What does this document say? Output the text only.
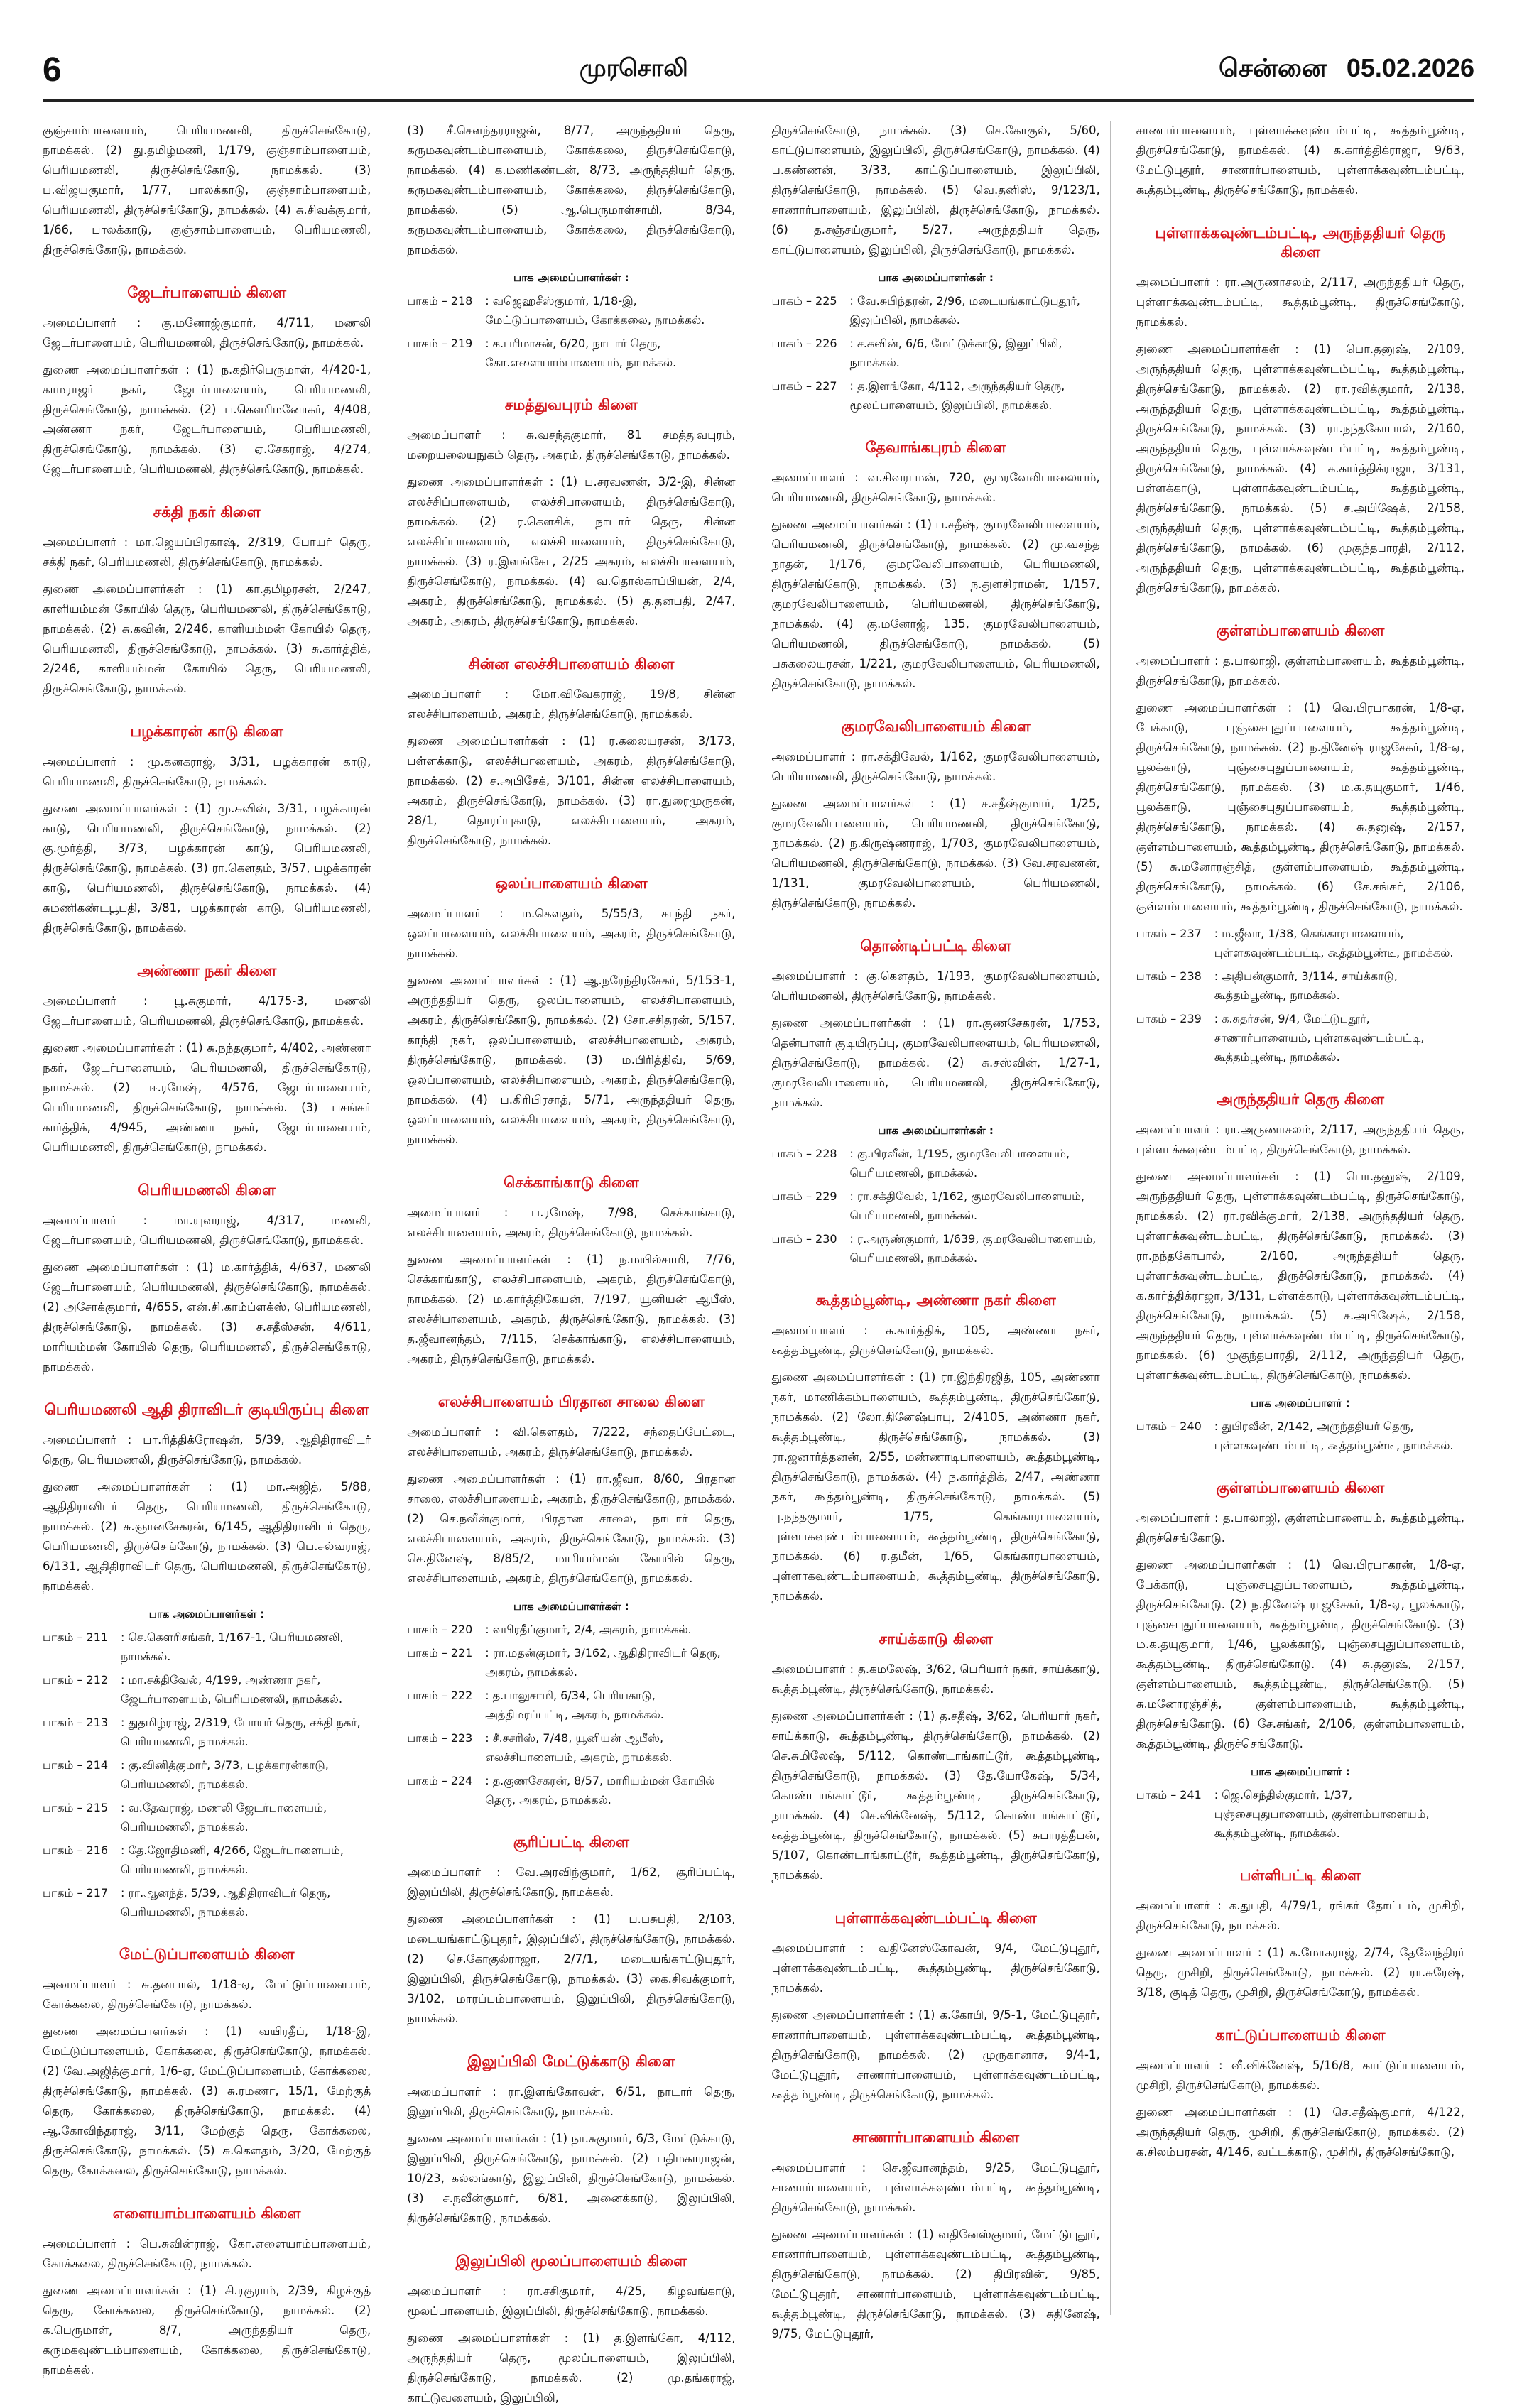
6	முரசொலி	சென்னை 05.02.2026

குஞ்சாம்பாளையம், பெரியமணலி, திருச்செங்கோடு, நாமக்கல். (2) து.தமிழ்மணி, 1/179, குஞ்சாம்பாளையம், பெரியமணலி, திருச்செங்கோடு, நாமக்கல். (3) ப.விஜயகுமார், 1/77, பாலக்காடு, குஞ்சாம்பாளையம், பெரியமணலி, திருச்செங்கோடு, நாமக்கல். (4) சு.சிவக்குமார், 1/66, பாலக்காடு, குஞ்சாம்பாளையம், பெரியமணலி, திருச்செங்கோடு, நாமக்கல்.

ஜேடர்பாளையம் கிளை

அமைப்பாளர் : கு.மனோஜ்குமார், 4/711, மணலி ஜேடர்பாளையம், பெரியமணலி, திருச்செங்கோடு, நாமக்கல்.

துணை அமைப்பாளர்கள் : (1) ந.கதிர்பெருமாள், 4/420-1, காமராஜர் நகர், ஜேடர்பாளையம், பெரியமணலி, திருச்செங்கோடு, நாமக்கல். (2) ப.கௌரிமனோகர், 4/408, அண்ணா நகர், ஜேடர்பாளையம், பெரியமணலி, திருச்செங்கோடு, நாமக்கல். (3) ஏ.சேகராஜ், 4/274, ஜேடர்பாளையம், பெரியமணலி, திருச்செங்கோடு, நாமக்கல்.

சக்தி நகர் கிளை

அமைப்பாளர் : மா.ஜெயப்பிரகாஷ், 2/319, போயர் தெரு, சக்தி நகர், பெரியமணலி, திருச்செங்கோடு, நாமக்கல்.

துணை அமைப்பாளர்கள் : (1) கா.தமிழரசன், 2/247, காளியம்மன் கோயில் தெரு, பெரியமணலி, திருச்செங்கோடு, நாமக்கல். (2) சு.கவின், 2/246, காளியம்மன் கோயில் தெரு, பெரியமணலி, திருச்செங்கோடு, நாமக்கல். (3) சு.கார்த்திக், 2/246, காளியம்மன் கோயில் தெரு, பெரியமணலி, திருச்செங்கோடு, நாமக்கல்.

பழக்காரன் காடு கிளை

அமைப்பாளர் : மு.கனகராஜ், 3/31, பழக்காரன் காடு, பெரியமணலி, திருச்செங்கோடு, நாமக்கல்.

துணை அமைப்பாளர்கள் : (1) மு.சுவின், 3/31, பழக்காரன் காடு, பெரியமணலி, திருச்செங்கோடு, நாமக்கல். (2) கு.மூர்த்தி, 3/73, பழக்காரன் காடு, பெரியமணலி, திருச்செங்கோடு, நாமக்கல். (3) ரா.கௌதம், 3/57, பழக்காரன் காடு, பெரியமணலி, திருச்செங்கோடு, நாமக்கல். (4) சுமணிகண்டபூபதி, 3/81, பழக்காரன் காடு, பெரியமணலி, திருச்செங்கோடு, நாமக்கல்.

அண்ணா நகர் கிளை

அமைப்பாளர் : பூ.சுகுமார், 4/175-3, மணலி ஜேடர்பாளையம், பெரியமணலி, திருச்செங்கோடு, நாமக்கல்.

துணை அமைப்பாளர்கள் : (1) சு.நந்தகுமார், 4/402, அண்ணா நகர், ஜேடர்பாளையம், பெரியமணலி, திருச்செங்கோடு, நாமக்கல். (2) ஈ.ரமேஷ், 4/576, ஜேடர்பாளையம், பெரியமணலி, திருச்செங்கோடு, நாமக்கல். (3) பசங்கர் கார்த்திக், 4/945, அண்ணா நகர், ஜேடர்பாளையம், பெரியமணலி, திருச்செங்கோடு, நாமக்கல்.

பெரியமணலி கிளை

அமைப்பாளர் : மா.யுவராஜ், 4/317, மணலி, ஜேடர்பாளையம், பெரியமணலி, திருச்செங்கோடு, நாமக்கல்.

துணை அமைப்பாளர்கள் : (1) ம.கார்த்திக், 4/637, மணலி ஜேடர்பாளையம், பெரியமணலி, திருச்செங்கோடு, நாமக்கல். (2) அசோக்குமார், 4/655, என்.சி.காம்ப்ளக்ஸ், பெரியமணலி, திருச்செங்கோடு, நாமக்கல். (3) ச.சதீஸ்சன், 4/611, மாரியம்மன் கோயில் தெரு, பெரியமணலி, திருச்செங்கோடு, நாமக்கல்.

பெரியமணலி ஆதி திராவிடர் குடியிருப்பு கிளை

அமைப்பாளர் : பா.ரித்திக்ரோஷன், 5/39, ஆதிதிராவிடர் தெரு, பெரியமணலி, திருச்செங்கோடு, நாமக்கல்.

துணை அமைப்பாளர்கள் : (1) மா.அஜித், 5/88, ஆதிதிராவிடர் தெரு, பெரியமணலி, திருச்செங்கோடு, நாமக்கல். (2) சு.ஞானசேகரன், 6/145, ஆதிதிராவிடர் தெரு, பெரியமணலி, திருச்செங்கோடு, நாமக்கல். (3) பெ.சல்வராஜ், 6/131, ஆதிதிராவிடர் தெரு, பெரியமணலி, திருச்செங்கோடு, நாமக்கல்.

பாக அமைப்பாளர்கள் :
பாகம் – 211	: செ.கௌரிசங்கர், 1/167-1, பெரியமணலி, நாமக்கல்.
பாகம் – 212	: மா.சக்திவேல், 4/199, அண்ணா நகர், ஜேடர்பாளையம், பெரியமணலி, நாமக்கல்.
பாகம் – 213	: துதமிழ்ராஜ், 2/319, போயர் தெரு, சக்தி நகர், பெரியமணலி, நாமக்கல்.
பாகம் – 214	: கு.வினித்குமார், 3/73, பழக்காரன்காடு, பெரியமணலி, நாமக்கல்.
பாகம் – 215	: வ.தேவராஜ், மணலி ஜேடர்பாளையம், பெரியமணலி, நாமக்கல்.
பாகம் – 216	: தே.ஜோதிமணி, 4/266, ஜேடர்பாளையம், பெரியமணலி, நாமக்கல்.
பாகம் – 217	: ரா.ஆனந்த், 5/39, ஆதிதிராவிடர் தெரு, பெரியமணலி, நாமக்கல்.
மேட்டுப்பாளையம் கிளை

அமைப்பாளர் : சு.தனபால், 1/18-ஏ, மேட்டுப்பாளையம், கோக்கலை, திருச்செங்கோடு, நாமக்கல்.

துணை அமைப்பாளர்கள் : (1) வயிரதீப், 1/18-இ, மேட்டுப்பாளையம், கோக்கலை, திருச்செங்கோடு, நாமக்கல். (2) வே.அஜித்குமார், 1/6-ஏ, மேட்டுப்பாளையம், கோக்கலை, திருச்செங்கோடு, நாமக்கல். (3) சு.ரமணா, 15/1, மேற்குத் தெரு, கோக்கலை, திருச்செங்கோடு, நாமக்கல். (4) ஆ.கோவிந்தராஜ், 3/11, மேற்குத் தெரு, கோக்கலை, திருச்செங்கோடு, நாமக்கல். (5) சு.கௌதம், 3/20, மேற்குத் தெரு, கோக்கலை, திருச்செங்கோடு, நாமக்கல்.

எளையாம்பாளையம் கிளை

அமைப்பாளர் : பெ.சுவின்ராஜ், கோ.எளையாம்பாளையம், கோக்கலை, திருச்செங்கோடு, நாமக்கல்.

துணை அமைப்பாளர்கள் : (1) சி.ரகுராம், 2/39, கிழக்குத் தெரு, கோக்கலை, திருச்செங்கோடு, நாமக்கல். (2) க.பெருமாள், 8/7, அருந்ததியர் தெரு, கருமகவுண்டம்பாளையம், கோக்கலை, திருச்செங்கோடு, நாமக்கல்.

(3) சீ.செளந்தரராஜன், 8/77, அருந்ததியர் தெரு, கருமகவுண்டம்பாளையம், கோக்கலை, திருச்செங்கோடு, நாமக்கல். (4) க.மணிகண்டன், 8/73, அருந்ததியர் தெரு, கருமகவுண்டம்பாளையம், கோக்கலை, திருச்செங்கோடு, நாமக்கல். (5) ஆ.பெருமாள்சாமி, 8/34, கருமகவுண்டம்பாளையம், கோக்கலை, திருச்செங்கோடு, நாமக்கல்.

பாக அமைப்பாளர்கள் :
பாகம் – 218	: வஜெஹசீஸ்குமார், 1/18-இ, மேட்டுப்பாளையம், கோக்கலை, நாமக்கல்.
பாகம் – 219	: க.பரிமாசன், 6/20, நாடார் தெரு, கோ.எளையாம்பாளையம், நாமக்கல்.
சமத்துவபுரம் கிளை

அமைப்பாளர் : சு.வசந்தகுமார், 81 சமத்துவபுரம், மறையலையநுகம் தெரு, அகரம், திருச்செங்கோடு, நாமக்கல்.

துணை அமைப்பாளர்கள் : (1) ப.சரவணன், 3/2-இ, சின்ன எலச்சிப்பாளையம், எலச்சிபாளையம், திருச்செங்கோடு, நாமக்கல். (2) ர.கௌசிக், நாடார் தெரு, சின்ன எலச்சிப்பாளையம், எலச்சிபாளையம், திருச்செங்கோடு, நாமக்கல். (3) ர.இளங்கோ, 2/25 அகரம், எலச்சிபாளையம், திருச்செங்கோடு, நாமக்கல். (4) வ.தொல்காப்பியன், 2/4, அகரம், திருச்செங்கோடு, நாமக்கல். (5) த.தனபதி, 2/47, அகரம், அகரம், திருச்செங்கோடு, நாமக்கல்.

சின்ன எலச்சிபாளையம் கிளை

அமைப்பாளர் : மோ.விவேகராஜ், 19/8, சின்ன எலச்சிபாளையம், அகரம், திருச்செங்கோடு, நாமக்கல்.

துணை அமைப்பாளர்கள் : (1) ர.கலையரசன், 3/173, பள்ளக்காடு, எலச்சிபாளையம், அகரம், திருச்செங்கோடு, நாமக்கல். (2) ச.அபிசேக், 3/101, சின்ன எலச்சிபாளையம், அகரம், திருச்செங்கோடு, நாமக்கல். (3) ரா.துரைமுருகன், 28/1, தொரப்புகாடு, எலச்சிபாளையம், அகரம், திருச்செங்கோடு, நாமக்கல்.

ஒலப்பாளையம் கிளை

அமைப்பாளர் : ம.கௌதம், 5/55/3, காந்தி நகர், ஒலப்பாளையம், எலச்சிபாளையம், அகரம், திருச்செங்கோடு, நாமக்கல்.

துணை அமைப்பாளர்கள் : (1) ஆ.நரேந்திரசேகர், 5/153-1, அருந்ததியர் தெரு, ஒலப்பாளையம், எலச்சிபாளையம், அகரம், திருச்செங்கோடு, நாமக்கல். (2) சோ.சசிதரன், 5/157, காந்தி நகர், ஒலப்பாளையம், எலச்சிபாளையம், அகரம், திருச்செங்கோடு, நாமக்கல். (3) ம.பிரித்திவ், 5/69, ஒலப்பாளையம், எலச்சிபாளையம், அகரம், திருச்செங்கோடு, நாமக்கல். (4) ப.கிரிபிரசாத், 5/71, அருந்ததியர் தெரு, ஒலப்பாளையம், எலச்சிபாளையம், அகரம், திருச்செங்கோடு, நாமக்கல்.

செக்காங்காடு கிளை

அமைப்பாளர் : ப.ரமேஷ், 7/98, செக்காங்காடு, எலச்சிபாளையம், அகரம், திருச்செங்கோடு, நாமக்கல்.

துணை அமைப்பாளர்கள் : (1) ந.மயில்சாமி, 7/76, செக்காங்காடு, எலச்சிபாளையம், அகரம், திருச்செங்கோடு, நாமக்கல். (2) ம.கார்த்திகேயன், 7/197, யூனியன் ஆபீஸ், எலச்சிபாளையம், அகரம், திருச்செங்கோடு, நாமக்கல். (3) த.ஜீவானந்தம், 7/115, செக்காங்காடு, எலச்சிபாளையம், அகரம், திருச்செங்கோடு, நாமக்கல்.

எலச்சிபாளையம் பிரதான சாலை கிளை

அமைப்பாளர் : வி.கௌதம், 7/222, சந்தைப்பேட்டை, எலச்சிபாளையம், அகரம், திருச்செங்கோடு, நாமக்கல்.

துணை அமைப்பாளர்கள் : (1) ரா.ஜீவா, 8/60, பிரதான சாலை, எலச்சிபாளையம், அகரம், திருச்செங்கோடு, நாமக்கல். (2) செ.நவீன்குமார், பிரதான சாலை, நாடார் தெரு, எலச்சிபாளையம், அகரம், திருச்செங்கோடு, நாமக்கல். (3) செ.தினேஷ், 8/85/2, மாரியம்மன் கோயில் தெரு, எலச்சிபாளையம், அகரம், திருச்செங்கோடு, நாமக்கல்.

பாக அமைப்பாளர்கள் :
பாகம் – 220	: வபிரதீப்குமார், 2/4, அகரம், நாமக்கல்.
பாகம் – 221	: ரா.மதன்குமார், 3/162, ஆதிதிராவிடர் தெரு, அகரம், நாமக்கல்.
பாகம் – 222	: த.பாலுசாமி, 6/34, பெரியகாடு, அத்திமரப்பட்டி, அகரம், நாமக்கல்.
பாகம் – 223	: சீ.சசரிஸ், 7/48, யூனியன் ஆபீஸ், எலச்சிபாளையம், அகரம், நாமக்கல்.
பாகம் – 224	: த.குணசேகரன், 8/57, மாரியம்மன் கோயில் தெரு, அகரம், நாமக்கல்.
சூரிப்பட்டி கிளை

அமைப்பாளர் : வே.அரவிந்குமார், 1/62, சூரிப்பட்டி, இலுப்பிலி, திருச்செங்கோடு, நாமக்கல்.

துணை அமைப்பாளர்கள் : (1) ப.பசுபதி, 2/103, மடையங்காட்டுபுதூர், இலுப்பிலி, திருச்செங்கோடு, நாமக்கல். (2) செ.கோகுல்ராஜா, 2/7/1, மடையங்காட்டுபுதூர், இலுப்பிலி, திருச்செங்கோடு, நாமக்கல். (3) கை.சிவக்குமார், 3/102, மாரப்பம்பாளையம், இலுப்பிலி, திருச்செங்கோடு, நாமக்கல்.

இலுப்பிலி மேட்டுக்காடு கிளை

அமைப்பாளர் : ரா.இளங்கோவன், 6/51, நாடார் தெரு, இலுப்பிலி, திருச்செங்கோடு, நாமக்கல்.

துணை அமைப்பாளர்கள் : (1) நா.சுகுமார், 6/3, மேட்டுக்காடு, இலுப்பிலி, திருச்செங்கோடு, நாமக்கல். (2) பதிமகாராஜன், 10/23, கல்லங்காடு, இலுப்பிலி, திருச்செங்கோடு, நாமக்கல். (3) ச.நவீன்குமார், 6/81, அனைக்காடு, இலுப்பிலி, திருச்செங்கோடு, நாமக்கல்.

இலுப்பிலி மூலப்பாளையம் கிளை

அமைப்பாளர் : ரா.சசிகுமார், 4/25, கிழவங்காடு, மூலப்பாளையம், இலுப்பிலி, திருச்செங்கோடு, நாமக்கல்.

துணை அமைப்பாளர்கள் : (1) த.இளங்கோ, 4/112, அருந்ததியர் தெரு, மூலப்பாளையம், இலுப்பிலி, திருச்செங்கோடு, நாமக்கல். (2) மு.தங்கராஜ், காட்டுவளையம், இலுப்பிலி,

திருச்செங்கோடு, நாமக்கல். (3) செ.கோகுல், 5/60, காட்டுபாளையம், இலுப்பிலி, திருச்செங்கோடு, நாமக்கல். (4) ப.கண்ணன், 3/33, காட்டுப்பாளையம், இலுப்பிலி, திருச்செங்கோடு, நாமக்கல். (5) வெ.தனிஸ், 9/123/1, சாணார்பாளையம், இலுப்பிலி, திருச்செங்கோடு, நாமக்கல். (6) த.சஞ்சய்குமார், 5/27, அருந்ததியர் தெரு, காட்டுபாளையம், இலுப்பிலி, திருச்செங்கோடு, நாமக்கல்.

பாக அமைப்பாளர்கள் :
பாகம் – 225	: வே.சுபிந்தரன், 2/96, மடையங்காட்டுபுதூர், இலுப்பிலி, நாமக்கல்.
பாகம் – 226	: ச.கவின், 6/6, மேட்டுக்காடு, இலுப்பிலி, நாமக்கல்.
பாகம் – 227	: த.இளங்கோ, 4/112, அருந்ததியர் தெரு, மூலப்பாளையம், இலுப்பிலி, நாமக்கல்.
தேவாங்கபுரம் கிளை

அமைப்பாளர் : வ.சிவராமன், 720, குமரவேலிபாலையம், பெரியமணலி, திருச்செங்கோடு, நாமக்கல்.

துணை அமைப்பாளர்கள் : (1) ப.சதீஷ், குமரவேலிபாளையம், பெரியமணலி, திருச்செங்கோடு, நாமக்கல். (2) மு.வசந்த நாதன், 1/176, குமரவேலிபாளையம், பெரியமணலி, திருச்செங்கோடு, நாமக்கல். (3) ந.துளசிராமன், 1/157, குமரவேலிபாளையம், பெரியமணலி, திருச்செங்கோடு, நாமக்கல். (4) கு.மனோஜ், 135, குமரவேலிபாளையம், பெரியமணலி, திருச்செங்கோடு, நாமக்கல். (5) பசுகலையரசன், 1/221, குமரவேலிபாளையம், பெரியமணலி, திருச்செங்கோடு, நாமக்கல்.

குமரவேலிபாளையம் கிளை

அமைப்பாளர் : ரா.சக்திவேல், 1/162, குமரவேலிபாளையம், பெரியமணலி, திருச்செங்கோடு, நாமக்கல்.

துணை அமைப்பாளர்கள் : (1) ச.சதீஷ்குமார், 1/25, குமரவேலிபாளையம், பெரியமணலி, திருச்செங்கோடு, நாமக்கல். (2) ந.கிருஷ்ணராஜ், 1/703, குமரவேலிபாளையம், பெரியமணலி, திருச்செங்கோடு, நாமக்கல். (3) வே.சரவணன், 1/131, குமரவேலிபாளையம், பெரியமணலி, திருச்செங்கோடு, நாமக்கல்.

தொண்டிப்பட்டி கிளை

அமைப்பாளர் : கு.கௌதம், 1/193, குமரவேலிபாளையம், பெரியமணலி, திருச்செங்கோடு, நாமக்கல்.

துணை அமைப்பாளர்கள் : (1) ரா.குணசேகரன், 1/753, தென்பாளர் குடியிருப்பு, குமரவேலிபாளையம், பெரியமணலி, திருச்செங்கோடு, நாமக்கல். (2) சு.சஸ்வின், 1/27-1, குமரவேலிபாளையம், பெரியமணலி, திருச்செங்கோடு, நாமக்கல்.

பாக அமைப்பாளர்கள் :
பாகம் – 228	: கு.பிரவீன், 1/195, குமரவேலிபாளையம், பெரியமணலி, நாமக்கல்.
பாகம் – 229	: ரா.சக்திவேல், 1/162, குமரவேலிபாளையம், பெரியமணலி, நாமக்கல்.
பாகம் – 230	: ர.அருண்குமார், 1/639, குமரவேலிபாளையம், பெரியமணலி, நாமக்கல்.
கூத்தம்பூண்டி, அண்ணா நகர் கிளை

அமைப்பாளர் : க.கார்த்திக், 105, அண்ணா நகர், கூத்தம்பூண்டி, திருச்செங்கோடு, நாமக்கல்.

துணை அமைப்பாளர்கள் : (1) ரா.இந்திரஜித், 105, அண்ணா நகர், மாணிக்கம்பாளையம், கூத்தம்பூண்டி, திருச்செங்கோடு, நாமக்கல். (2) லோ.தினேஷ்பாபு, 2/4105, அண்ணா நகர், கூத்தம்பூண்டி, திருச்செங்கோடு, நாமக்கல். (3) ரா.ஜனார்த்தனன், 2/55, மண்ணாடிபாளையம், கூத்தம்பூண்டி, திருச்செங்கோடு, நாமக்கல். (4) ந.கார்த்திக், 2/47, அண்ணா நகர், கூத்தம்பூண்டி, திருச்செங்கோடு, நாமக்கல். (5) பு.நந்தகுமார், 1/75, கெங்காரபாளையம், புள்ளாகவுண்டம்பாளையம், கூத்தம்பூண்டி, திருச்செங்கோடு, நாமக்கல். (6) ர.தமீன், 1/65, கெங்காரபாளையம், புள்ளாகவுண்டம்பாளையம், கூத்தம்பூண்டி, திருச்செங்கோடு, நாமக்கல்.

சாய்க்காடு கிளை

அமைப்பாளர் : த.கமலேஷ், 3/62, பெரியார் நகர், சாய்க்காடு, கூத்தம்பூண்டி, திருச்செங்கோடு, நாமக்கல்.

துணை அமைப்பாளர்கள் : (1) த.சதீஷ், 3/62, பெரியார் நகர், சாய்க்காடு, கூத்தம்பூண்டி, திருச்செங்கோடு, நாமக்கல். (2) செ.சுமிலேஷ், 5/112, கொண்டாங்காட்டூர், கூத்தம்பூண்டி, திருச்செங்கோடு, நாமக்கல். (3) தே.யோகேஷ், 5/34, கொண்டாங்காட்டூர், கூத்தம்பூண்டி, திருச்செங்கோடு, நாமக்கல். (4) செ.விக்னேஷ், 5/112, கொண்டாங்காட்டூர், கூத்தம்பூண்டி, திருச்செங்கோடு, நாமக்கல். (5) சுபாரத்தீபன், 5/107, கொண்டாங்காட்டூர், கூத்தம்பூண்டி, திருச்செங்கோடு, நாமக்கல்.

புள்ளாக்கவுண்டம்பட்டி கிளை

அமைப்பாளர் : வதினேஸ்கோவன், 9/4, மேட்டுபுதூர், புள்ளாக்கவுண்டம்பட்டி, கூத்தம்பூண்டி, திருச்செங்கோடு, நாமக்கல்.

துணை அமைப்பாளர்கள் : (1) க.கோபி, 9/5-1, மேட்டுபுதூர், சாணார்பாளையம், புள்ளாக்கவுண்டம்பட்டி, கூத்தம்பூண்டி, திருச்செங்கோடு, நாமக்கல். (2) முருகானாச, 9/4-1, மேட்டுபுதூர், சாணார்பாளையம், புள்ளாக்கவுண்டம்பட்டி, கூத்தம்பூண்டி, திருச்செங்கோடு, நாமக்கல்.

சாணார்பாளையம் கிளை

அமைப்பாளர் : செ.ஜீவானந்தம், 9/25, மேட்டுபுதூர், சாணார்பாளையம், புள்ளாக்கவுண்டம்பட்டி, கூத்தம்பூண்டி, திருச்செங்கோடு, நாமக்கல்.

துணை அமைப்பாளர்கள் : (1) வதினேஸ்குமார், மேட்டுபுதூர், சாணார்பாளையம், புள்ளாக்கவுண்டம்பட்டி, கூத்தம்பூண்டி, திருச்செங்கோடு, நாமக்கல். (2) திபிரவின், 9/85, மேட்டுபுதூர், சாணார்பாளையம், புள்ளாக்கவுண்டம்பட்டி, கூத்தம்பூண்டி, திருச்செங்கோடு, நாமக்கல். (3) சுதினேஷ், 9/75, மேட்டுபுதூர்,

சாணார்பாளையம், புள்ளாக்கவுண்டம்பட்டி, கூத்தம்பூண்டி, திருச்செங்கோடு, நாமக்கல். (4) க.கார்த்திக்ராஜா, 9/63, மேட்டுபுதூர், சாணார்பாளையம், புள்ளாக்கவுண்டம்பட்டி, கூத்தம்பூண்டி, திருச்செங்கோடு, நாமக்கல்.

புள்ளாக்கவுண்டம்பட்டி, அருந்ததியர் தெரு கிளை

அமைப்பாளர் : ரா.அருணாசலம், 2/117, அருந்ததியர் தெரு, புள்ளாக்கவுண்டம்பட்டி, கூத்தம்பூண்டி, திருச்செங்கோடு, நாமக்கல்.

துணை அமைப்பாளர்கள் : (1) பொ.தனுஷ், 2/109, அருந்ததியர் தெரு, புள்ளாக்கவுண்டம்பட்டி, கூத்தம்பூண்டி, திருச்செங்கோடு, நாமக்கல். (2) ரா.ரவிக்குமார், 2/138, அருந்ததியர் தெரு, புள்ளாக்கவுண்டம்பட்டி, கூத்தம்பூண்டி, திருச்செங்கோடு, நாமக்கல். (3) ரா.நந்தகோபால், 2/160, அருந்ததியர் தெரு, புள்ளாக்கவுண்டம்பட்டி, கூத்தம்பூண்டி, திருச்செங்கோடு, நாமக்கல். (4) க.கார்த்திக்ராஜா, 3/131, பள்ளக்காடு, புள்ளாக்கவுண்டம்பட்டி, கூத்தம்பூண்டி, திருச்செங்கோடு, நாமக்கல். (5) ச.அபிஷேக், 2/158, அருந்ததியர் தெரு, புள்ளாக்கவுண்டம்பட்டி, கூத்தம்பூண்டி, திருச்செங்கோடு, நாமக்கல். (6) முகுந்தபாரதி, 2/112, அருந்ததியர் தெரு, புள்ளாக்கவுண்டம்பட்டி, கூத்தம்பூண்டி, திருச்செங்கோடு, நாமக்கல்.

குள்ளம்பாளையம் கிளை

அமைப்பாளர் : த.பாலாஜி, குள்ளம்பாளையம், கூத்தம்பூண்டி, திருச்செங்கோடு, நாமக்கல்.

துணை அமைப்பாளர்கள் : (1) வெ.பிரபாகரன், 1/8-ஏ, பேக்காடு, புஞ்சைபுதுப்பாளையம், கூத்தம்பூண்டி, திருச்செங்கோடு, நாமக்கல். (2) ந.தினேஷ் ராஜசேகர், 1/8-ஏ, பூலக்காடு, புஞ்சைபுதுப்பாளையம், கூத்தம்பூண்டி, திருச்செங்கோடு, நாமக்கல். (3) ம.க.தயுகுமார், 1/46, பூலக்காடு, புஞ்சைபுதுப்பாளையம், கூத்தம்பூண்டி, திருச்செங்கோடு, நாமக்கல். (4) சு.தனுஷ், 2/157, குள்ளம்பாளையம், கூத்தம்பூண்டி, திருச்செங்கோடு, நாமக்கல். (5) சு.மனோரஞ்சித், குள்ளம்பாளையம், கூத்தம்பூண்டி, திருச்செங்கோடு, நாமக்கல். (6) சே.சங்கர், 2/106, குள்ளம்பாளையம், கூத்தம்பூண்டி, திருச்செங்கோடு, நாமக்கல்.

பாகம் – 237	: ம.ஜீவா, 1/38, கெங்காரபாளையம், புள்ளகவுண்டம்பட்டி, கூத்தம்பூண்டி, நாமக்கல்.
பாகம் – 238	: அதிபன்குமார், 3/114, சாய்க்காடு, கூத்தம்பூண்டி, நாமக்கல்.
பாகம் – 239	: க.சுதர்சன், 9/4, மேட்டுபுதூர், சாணார்பாளையம், புள்ளகவுண்டம்பட்டி, கூத்தம்பூண்டி, நாமக்கல்.
அருந்ததியர் தெரு கிளை

அமைப்பாளர் : ரா.அருணாசலம், 2/117, அருந்ததியர் தெரு, புள்ளாக்கவுண்டம்பட்டி, திருச்செங்கோடு, நாமக்கல்.

துணை அமைப்பாளர்கள் : (1) பொ.தனுஷ், 2/109, அருந்ததியர் தெரு, புள்ளாக்கவுண்டம்பட்டி, திருச்செங்கோடு, நாமக்கல். (2) ரா.ரவிக்குமார், 2/138, அருந்ததியர் தெரு, புள்ளாக்கவுண்டம்பட்டி, திருச்செங்கோடு, நாமக்கல். (3) ரா.நந்தகோபால், 2/160, அருந்ததியர் தெரு, புள்ளாக்கவுண்டம்பட்டி, திருச்செங்கோடு, நாமக்கல். (4) க.கார்த்திக்ராஜா, 3/131, பள்ளக்காடு, புள்ளாக்கவுண்டம்பட்டி, திருச்செங்கோடு, நாமக்கல். (5) ச.அபிஷேக், 2/158, அருந்ததியர் தெரு, புள்ளாக்கவுண்டம்பட்டி, திருச்செங்கோடு, நாமக்கல். (6) முகுந்தபாரதி, 2/112, அருந்ததியர் தெரு, புள்ளாக்கவுண்டம்பட்டி, திருச்செங்கோடு, நாமக்கல்.

பாக அமைப்பாளர் :
பாகம் – 240	: துபிரவீன், 2/142, அருந்ததியர் தெரு, புள்ளகவுண்டம்பட்டி, கூத்தம்பூண்டி, நாமக்கல்.
குள்ளம்பாளையம் கிளை

அமைப்பாளர் : த.பாலாஜி, குள்ளம்பாளையம், கூத்தம்பூண்டி, திருச்செங்கோடு.

துணை அமைப்பாளர்கள் : (1) வெ.பிரபாகரன், 1/8-ஏ, பேக்காடு, புஞ்சைபுதுப்பாளையம், கூத்தம்பூண்டி, திருச்செங்கோடு. (2) ந.தினேஷ் ராஜசேகர், 1/8-ஏ, பூலக்காடு, புஞ்சைபுதுப்பாளையம், கூத்தம்பூண்டி, திருச்செங்கோடு. (3) ம.க.தயுகுமார், 1/46, பூலக்காடு, புஞ்சைபுதுப்பாளையம், கூத்தம்பூண்டி, திருச்செங்கோடு. (4) சு.தனுஷ், 2/157, குள்ளம்பாளையம், கூத்தம்பூண்டி, திருச்செங்கோடு. (5) சு.மனோரஞ்சித், குள்ளம்பாளையம், கூத்தம்பூண்டி, திருச்செங்கோடு. (6) சே.சங்கர், 2/106, குள்ளம்பாளையம், கூத்தம்பூண்டி, திருச்செங்கோடு.

பாக அமைப்பாளர் :
பாகம் – 241	: ஜெ.செந்தில்குமார், 1/37, புஞ்சைபுதுபாளையம், குள்ளம்பாளையம், கூத்தம்பூண்டி, நாமக்கல்.
பள்ளிபட்டி கிளை

அமைப்பாளர் : க.துபதி, 4/79/1, ரங்கர் தோட்டம், முசிறி, திருச்செங்கோடு, நாமக்கல்.

துணை அமைப்பாளர் : (1) க.மோகராஜ், 2/74, தேவேந்திரர் தெரு, முசிறி, திருச்செங்கோடு, நாமக்கல். (2) ரா.சுரேஷ், 3/18, குடித் தெரு, முசிறி, திருச்செங்கோடு, நாமக்கல்.

காட்டுப்பாளையம் கிளை

அமைப்பாளர் : வீ.விக்னேஷ், 5/16/8, காட்டுப்பாளையம், முசிறி, திருச்செங்கோடு, நாமக்கல்.

துணை அமைப்பாளர்கள் : (1) செ.சதீஷ்குமார், 4/122, அருந்ததியர் தெரு, முசிறி, திருச்செங்கோடு, நாமக்கல். (2) க.சிலம்பரசன், 4/146, வட்டக்காடு, முசிறி, திருச்செங்கோடு,
